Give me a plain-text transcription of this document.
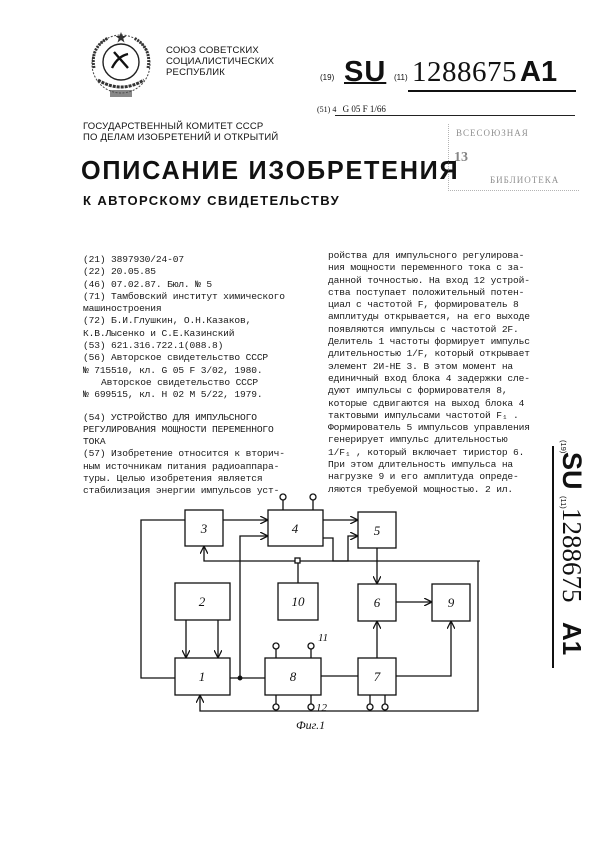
СОЮЗ СОВЕТСКИХ
СОЦИАЛИСТИЧЕСКИХ
РЕСПУБЛИК	(19) SU (11) 1288675 A1
(51) 4 G 05 F 1/66
ГОСУДАРСТВЕННЫЙ КОМИТЕТ СССР
ПО ДЕЛАМ ИЗОБРЕТЕНИЙ И ОТКРЫТИЙ
ОПИСАНИЕ ИЗОБРЕТЕНИЯ
К АВТОРСКОМУ СВИДЕТЕЛЬСТВУ
ВСЕСОЮЗНАЯ
13
БИБЛИОТЕКА
(21) 3897930/24-07
(22) 20.05.85
(46) 07.02.87. Бюл. № 5
(71) Тамбовский институт химического
машиностроения
(72) Б.И.Глушкин, О.Н.Казаков,
К.В.Лысенко и С.Е.Казинский
(53) 621.316.722.1(088.8)
(56) Авторское свидетельство СССР
№ 715510, кл. G 05 F 3/02, 1980.
Авторское свидетельство СССР
№ 699515, кл. Н 02 М 5/22, 1979.
(54) УСТРОЙСТВО ДЛЯ ИМПУЛЬСНОГО
РЕГУЛИРОВАНИЯ МОЩНОСТИ ПЕРЕМЕННОГО
ТОКА
(57) Изобретение относится к вторич-
ным источникам питания радиоаппара-
туры. Целью изобретения является
стабилизация энергии импульсов уст-
ройства для импульсного регулирова-
ния мощности переменного тока с за-
данной точностью. На вход 12 устрой-
ства поступает положительный потен-
циал с частотой F, формирователь 8
амплитуды открывается, на его выходе
появляются импульсы с частотой 2F.
Делитель 1 частоты формирует импульс
длительностью 1/F, который открывает
элемент 2И-НЕ 3. В этом момент на
единичный вход блока 4 задержки сле-
дуют импульсы с формирователя 8,
которые сдвигаются на выход блока 4
тактовыми импульсами частотой F₁ .
Формирователь 5 импульсов управления
генерирует импульс длительностью
1/F₁ , который включает тиристор 6.
При этом длительность импульса на
нагрузке 9 и его амплитуда опреде-
ляются требуемой мощностью. 2 ил.
(19)
SU
(11)
1288675
A1
3	4	5
2	10	6	9
1	8	7
11
12
Фиг.1
